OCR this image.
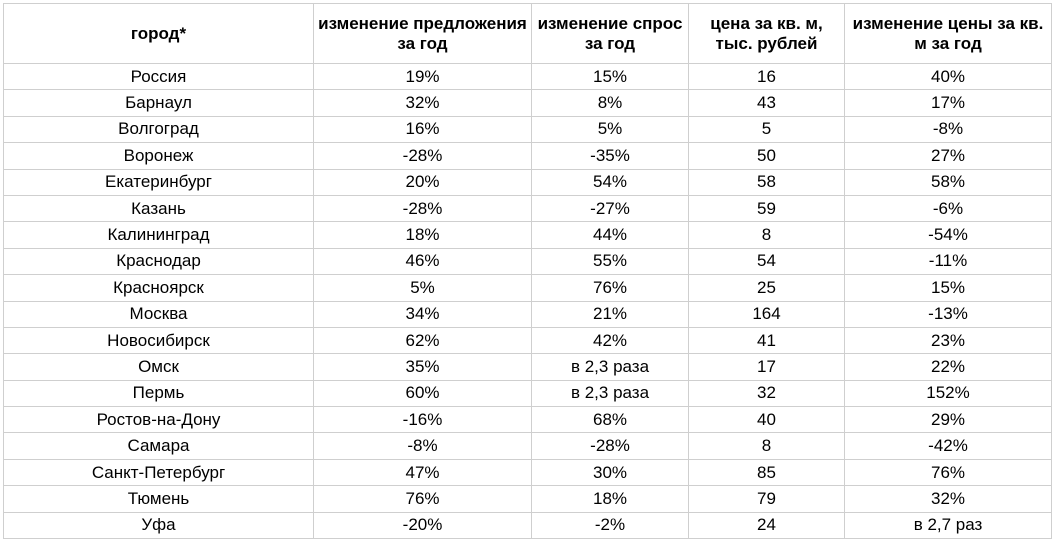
город*	изменение предложения за год	изменение спрос за год	цена за кв. м, тыс. рублей	изменение цены за кв. м за год
Россия	19%	15%	16	40%
Барнаул	32%	8%	43	17%
Волгоград	16%	5%	5	-8%
Воронеж	-28%	-35%	50	27%
Екатеринбург	20%	54%	58	58%
Казань	-28%	-27%	59	-6%
Калининград	18%	44%	8	-54%
Краснодар	46%	55%	54	-11%
Красноярск	5%	76%	25	15%
Москва	34%	21%	164	-13%
Новосибирск	62%	42%	41	23%
Омск	35%	в 2,3 раза	17	22%
Пермь	60%	в 2,3 раза	32	152%
Ростов-на-Дону	-16%	68%	40	29%
Самара	-8%	-28%	8	-42%
Санкт-Петербург	47%	30%	85	76%
Тюмень	76%	18%	79	32%
Уфа	-20%	-2%	24	в 2,7 раз
